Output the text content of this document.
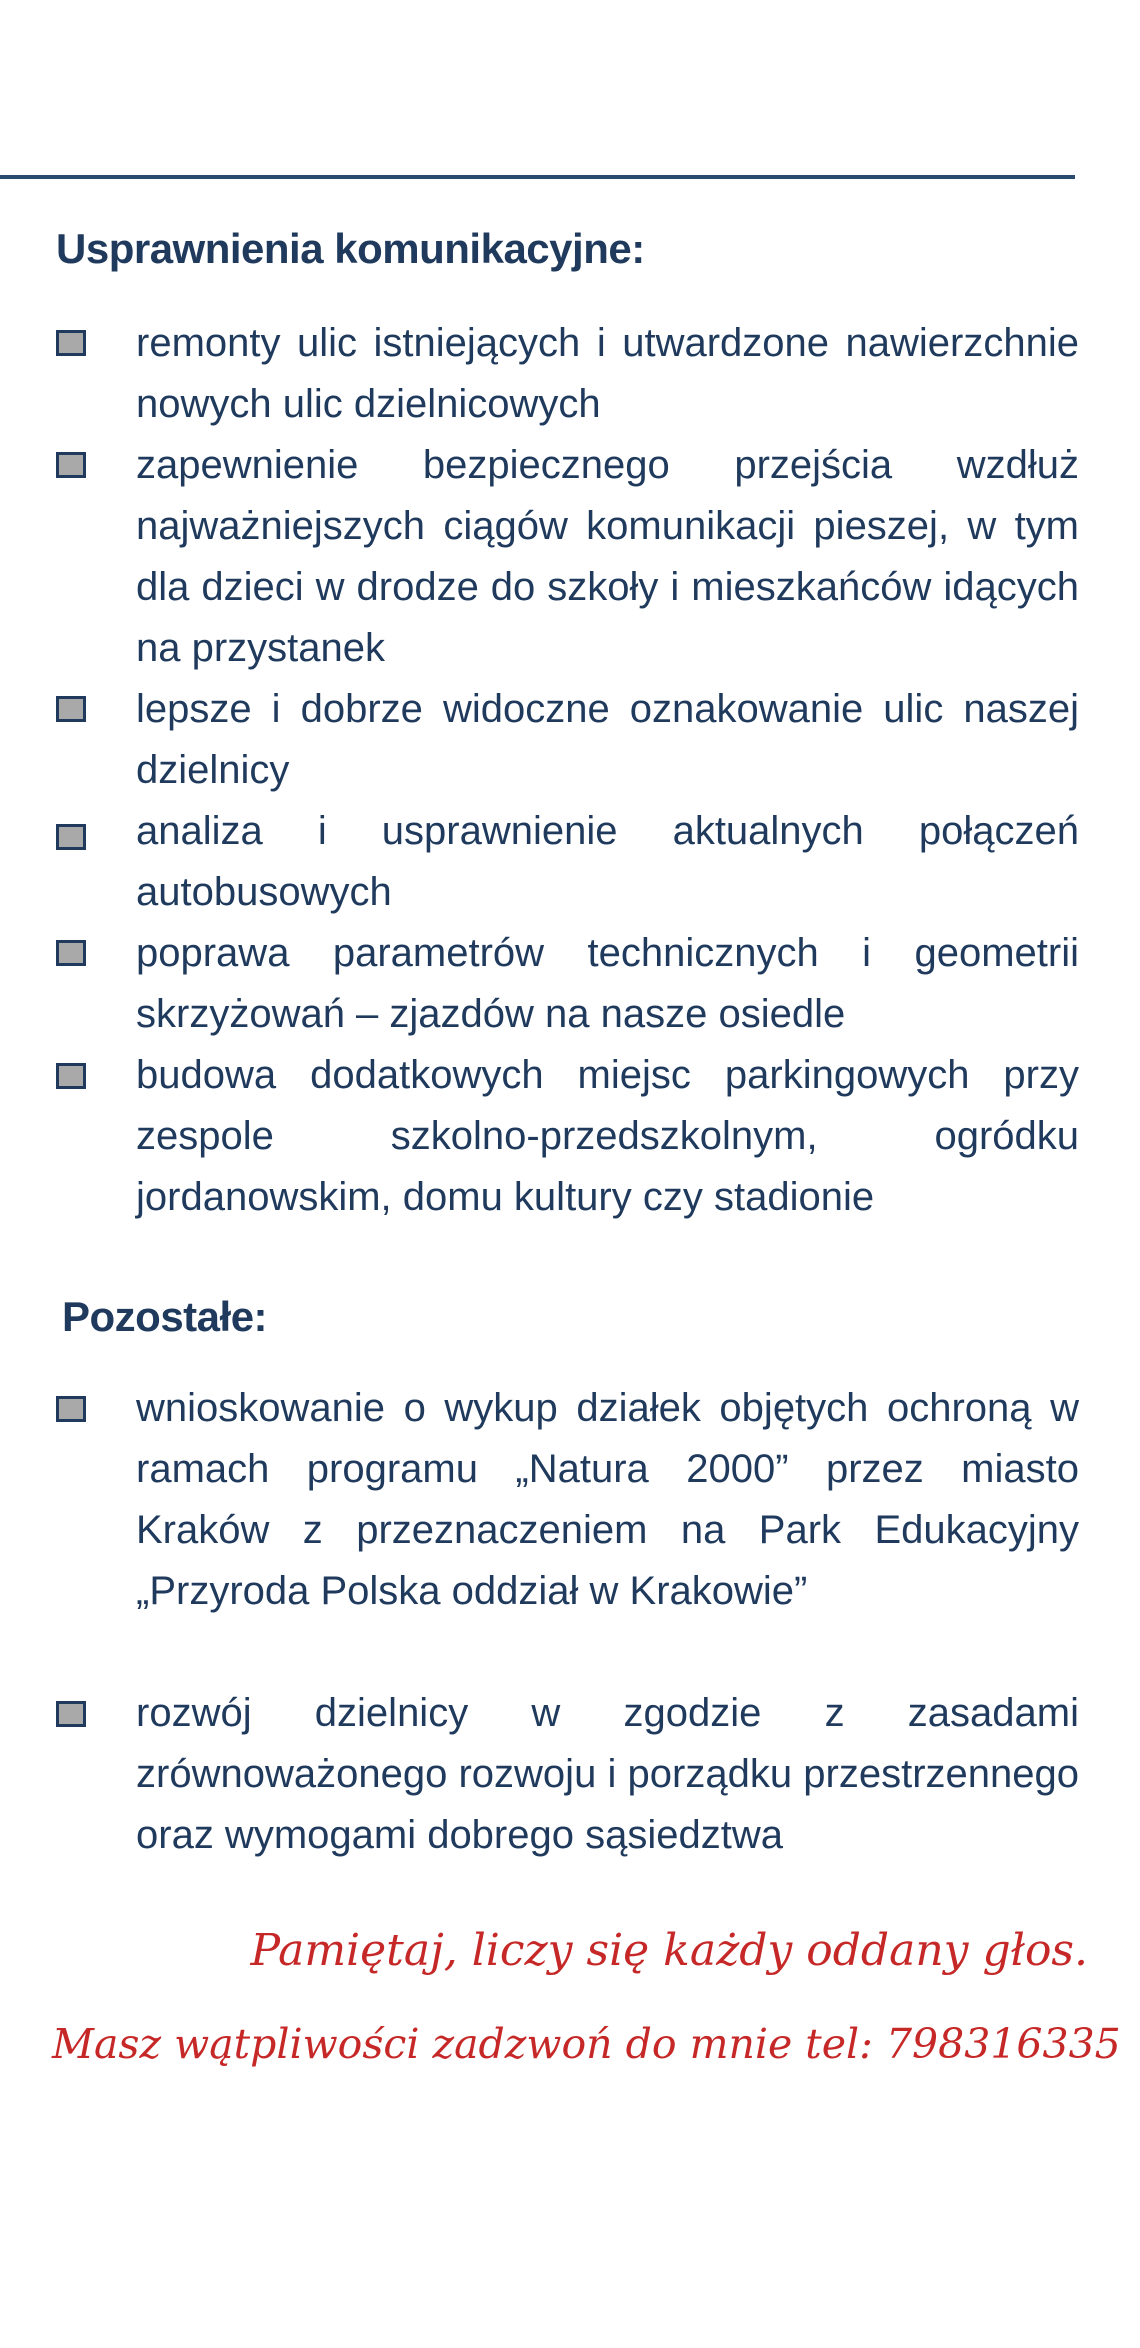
Usprawnienia komunikacyjne:
remonty ulic istniejących i utwardzone nawierzchnie nowych ulic dzielnicowych
zapewnienie bezpiecznego przejścia wzdłuż najważniejszych ciągów komunikacji pieszej, w tym dla dzieci w drodze do szkoły i mieszkańców idących na przystanek
lepsze i dobrze widoczne oznakowanie ulic naszej dzielnicy
analiza i usprawnienie aktualnych połączeń autobusowych
poprawa parametrów technicznych i geometrii skrzyżowań – zjazdów na nasze osiedle
budowa dodatkowych miejsc parkingowych przy zespole szkolno-przedszkolnym, ogródku jordanowskim, domu kultury czy stadionie
Pozostałe:
wnioskowanie o wykup działek objętych ochroną w ramach programu „Natura 2000” przez miasto Kraków z przeznaczeniem na Park Edukacyjny „Przyroda Polska oddział w Krakowie”
rozwój dzielnicy w zgodzie z zasadami zrównoważonego rozwoju i porządku przestrzennego oraz wymogami dobrego sąsiedztwa
Pamiętaj, liczy się każdy oddany głos.
Masz wątpliwości zadzwoń do mnie tel: 798316335
